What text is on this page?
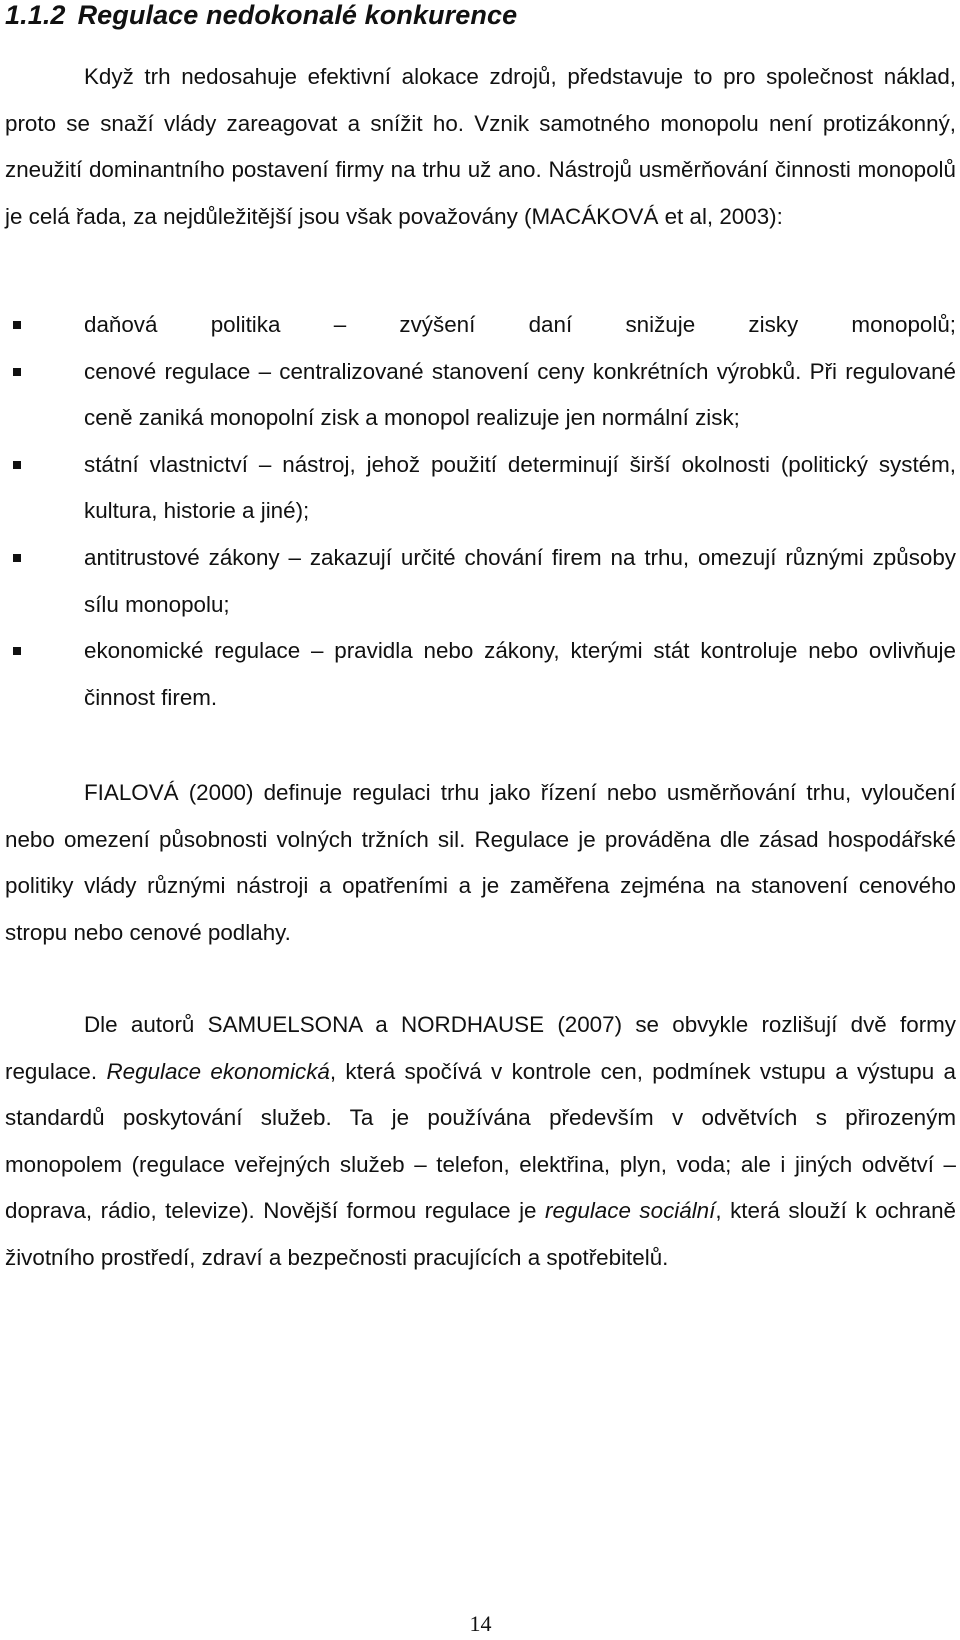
1.1.2 Regulace nedokonalé konkurence

Když trh nedosahuje efektivní alokace zdrojů, představuje to pro společnost náklad, proto se snaží vlády zareagovat a snížit ho. Vznik samotného monopolu není protizákonný, zneužití dominantního postavení firmy na trhu už ano. Nástrojů usměrňování činnosti monopolů je celá řada, za nejdůležitější jsou však považovány (MACÁKOVÁ et al, 2003):

daňová politika – zvýšení daní snižuje zisky monopolů;
cenové regulace – centralizované stanovení ceny konkrétních výrobků. Při regulované ceně zaniká monopolní zisk a monopol realizuje jen normální zisk;
státní vlastnictví – nástroj, jehož použití determinují širší okolnosti (politický systém, kultura, historie a jiné);
antitrustové zákony – zakazují určité chování firem na trhu, omezují různými způsoby sílu monopolu;
ekonomické regulace – pravidla nebo zákony, kterými stát kontroluje nebo ovlivňuje činnost firem.

FIALOVÁ (2000) definuje regulaci trhu jako řízení nebo usměrňování trhu, vyloučení nebo omezení působnosti volných tržních sil. Regulace je prováděna dle zásad hospodářské politiky vlády různými nástroji a opatřeními a je zaměřena zejména na stanovení cenového stropu nebo cenové podlahy.

Dle autorů SAMUELSONA a NORDHAUSE (2007) se obvykle rozlišují dvě formy regulace. Regulace ekonomická, která spočívá v kontrole cen, podmínek vstupu a výstupu a standardů poskytování služeb. Ta je používána především v odvětvích s přirozeným monopolem (regulace veřejných služeb – telefon, elektřina, plyn, voda; ale i jiných odvětví – doprava, rádio, televize). Novější formou regulace je regulace sociální, která slouží k ochraně životního prostředí, zdraví a bezpečnosti pracujících a spotřebitelů.

14
